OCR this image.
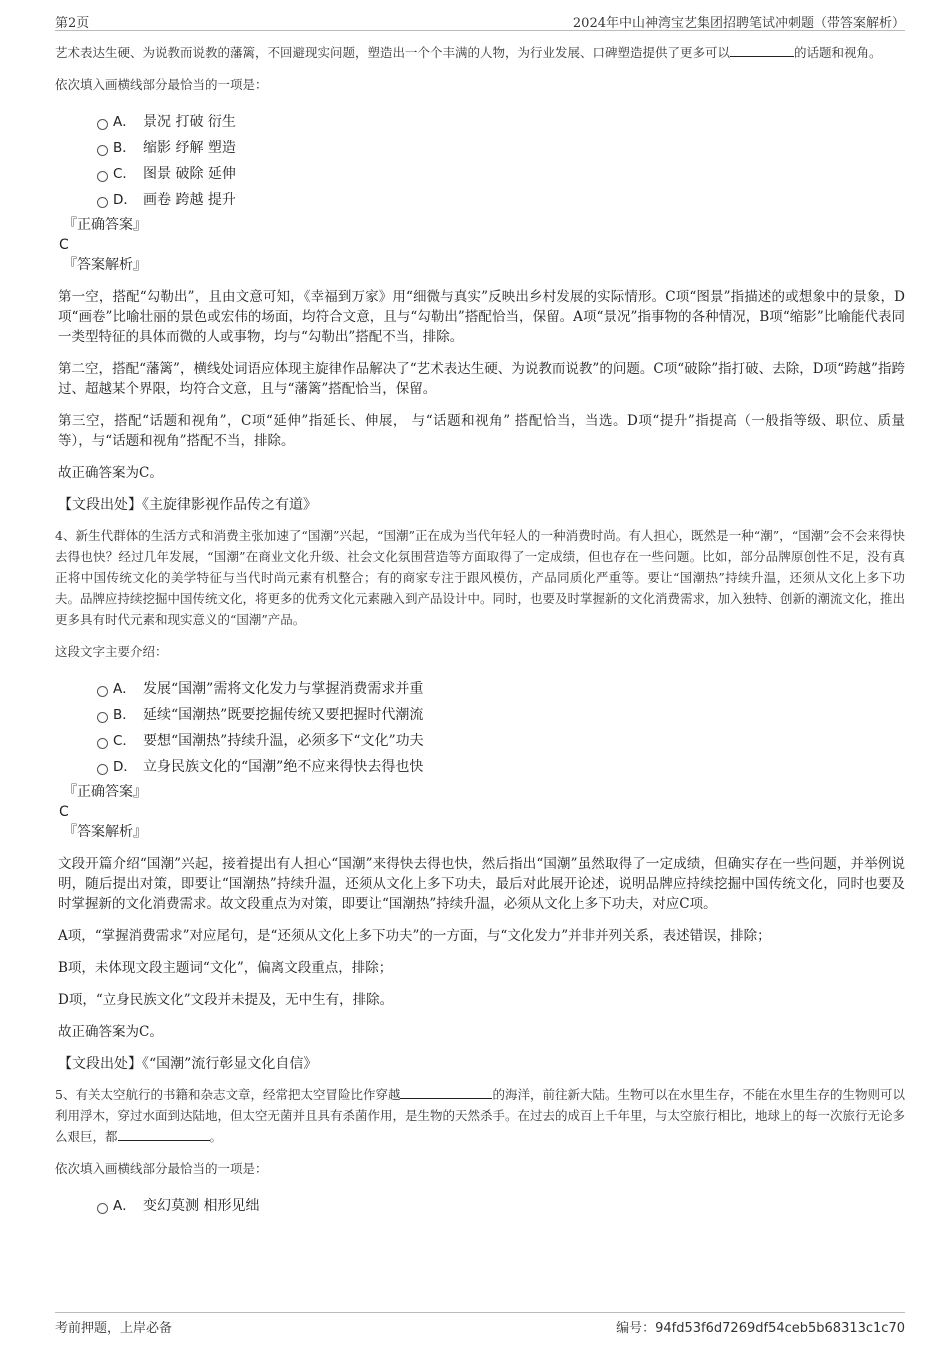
第2页	2024年中山神湾宝艺集团招聘笔试冲刺题（带答案解析）

艺术表达生硬、为说教而说教的藩篱，不回避现实问题，塑造出一个个丰满的人物，为行业发展、口碑塑造提供了更多可以	的话题和视角。

依次填入画横线部分最恰当的一项是：

A． 景况 打破 衍生
B． 缩影 纾解 塑造
C． 图景 破除 延伸
D． 画卷 跨越 提升

『正确答案』

C

『答案解析』

第一空，搭配“勾勒出”，且由文意可知，《幸福到万家》用“细微与真实”反映出乡村发展的实际情形。C项“图景”指描述的或想象中的景象，D项“画卷”比喻壮丽的景色或宏伟的场面，均符合文意，且与“勾勒出”搭配恰当，保留。A项“景况”指事物的各种情况，B项“缩影”比喻能代表同一类型特征的具体而微的人或事物，均与“勾勒出”搭配不当，排除。

第二空，搭配“藩篱”，横线处词语应体现主旋律作品解决了“艺术表达生硬、为说教而说教”的问题。C项“破除”指打破、去除，D项“跨越”指跨过、超越某个界限，均符合文意，且与“藩篱”搭配恰当，保留。

第三空，搭配“话题和视角”，C项“延伸”指延长、伸展， 与“话题和视角” 搭配恰当，当选。D项“提升”指提高（一般指等级、职位、质量等），与“话题和视角”搭配不当，排除。

故正确答案为C。

【文段出处】《主旋律影视作品传之有道》

4、新生代群体的生活方式和消费主张加速了“国潮”兴起，“国潮”正在成为当代年轻人的一种消费时尚。有人担心，既然是一种“潮”，“国潮”会不会来得快去得也快？经过几年发展，“国潮”在商业文化升级、社会文化氛围营造等方面取得了一定成绩，但也存在一些问题。比如，部分品牌原创性不足，没有真正将中国传统文化的美学特征与当代时尚元素有机整合；有的商家专注于跟风模仿，产品同质化严重等。要让“国潮热”持续升温，还须从文化上多下功夫。品牌应持续挖掘中国传统文化，将更多的优秀文化元素融入到产品设计中。同时，也要及时掌握新的文化消费需求，加入独特、创新的潮流文化，推出更多具有时代元素和现实意义的“国潮”产品。

这段文字主要介绍：

A． 发展“国潮”需将文化发力与掌握消费需求并重
B． 延续“国潮热”既要挖掘传统又要把握时代潮流
C． 要想“国潮热”持续升温，必须多下“文化”功夫
D． 立身民族文化的“国潮”绝不应来得快去得也快

『正确答案』

C

『答案解析』

文段开篇介绍“国潮”兴起，接着提出有人担心“国潮”来得快去得也快，然后指出“国潮”虽然取得了一定成绩，但确实存在一些问题，并举例说明，随后提出对策，即要让“国潮热”持续升温，还须从文化上多下功夫，最后对此展开论述，说明品牌应持续挖掘中国传统文化，同时也要及时掌握新的文化消费需求。故文段重点为对策，即要让“国潮热”持续升温，必须从文化上多下功夫，对应C项。

A项，“掌握消费需求”对应尾句，是“还须从文化上多下功夫”的一方面，与“文化发力”并非并列关系，表述错误，排除；

B项，未体现文段主题词“文化”，偏离文段重点，排除；

D项，“立身民族文化”文段并未提及，无中生有，排除。

故正确答案为C。

【文段出处】《“国潮”流行彰显文化自信》

5、有关太空航行的书籍和杂志文章，经常把太空冒险比作穿越	的海洋，前往新大陆。生物可以在水里生存，不能在水里生存的生物则可以利用浮木，穿过水面到达陆地，但太空无菌并且具有杀菌作用，是生物的天然杀手。在过去的成百上千年里，与太空旅行相比，地球上的每一次旅行无论多么艰巨，都	。

依次填入画横线部分最恰当的一项是：

A． 变幻莫测 相形见绌
考前押题，上岸必备	编号：94fd53f6d7269df54ceb5b68313c1c70
